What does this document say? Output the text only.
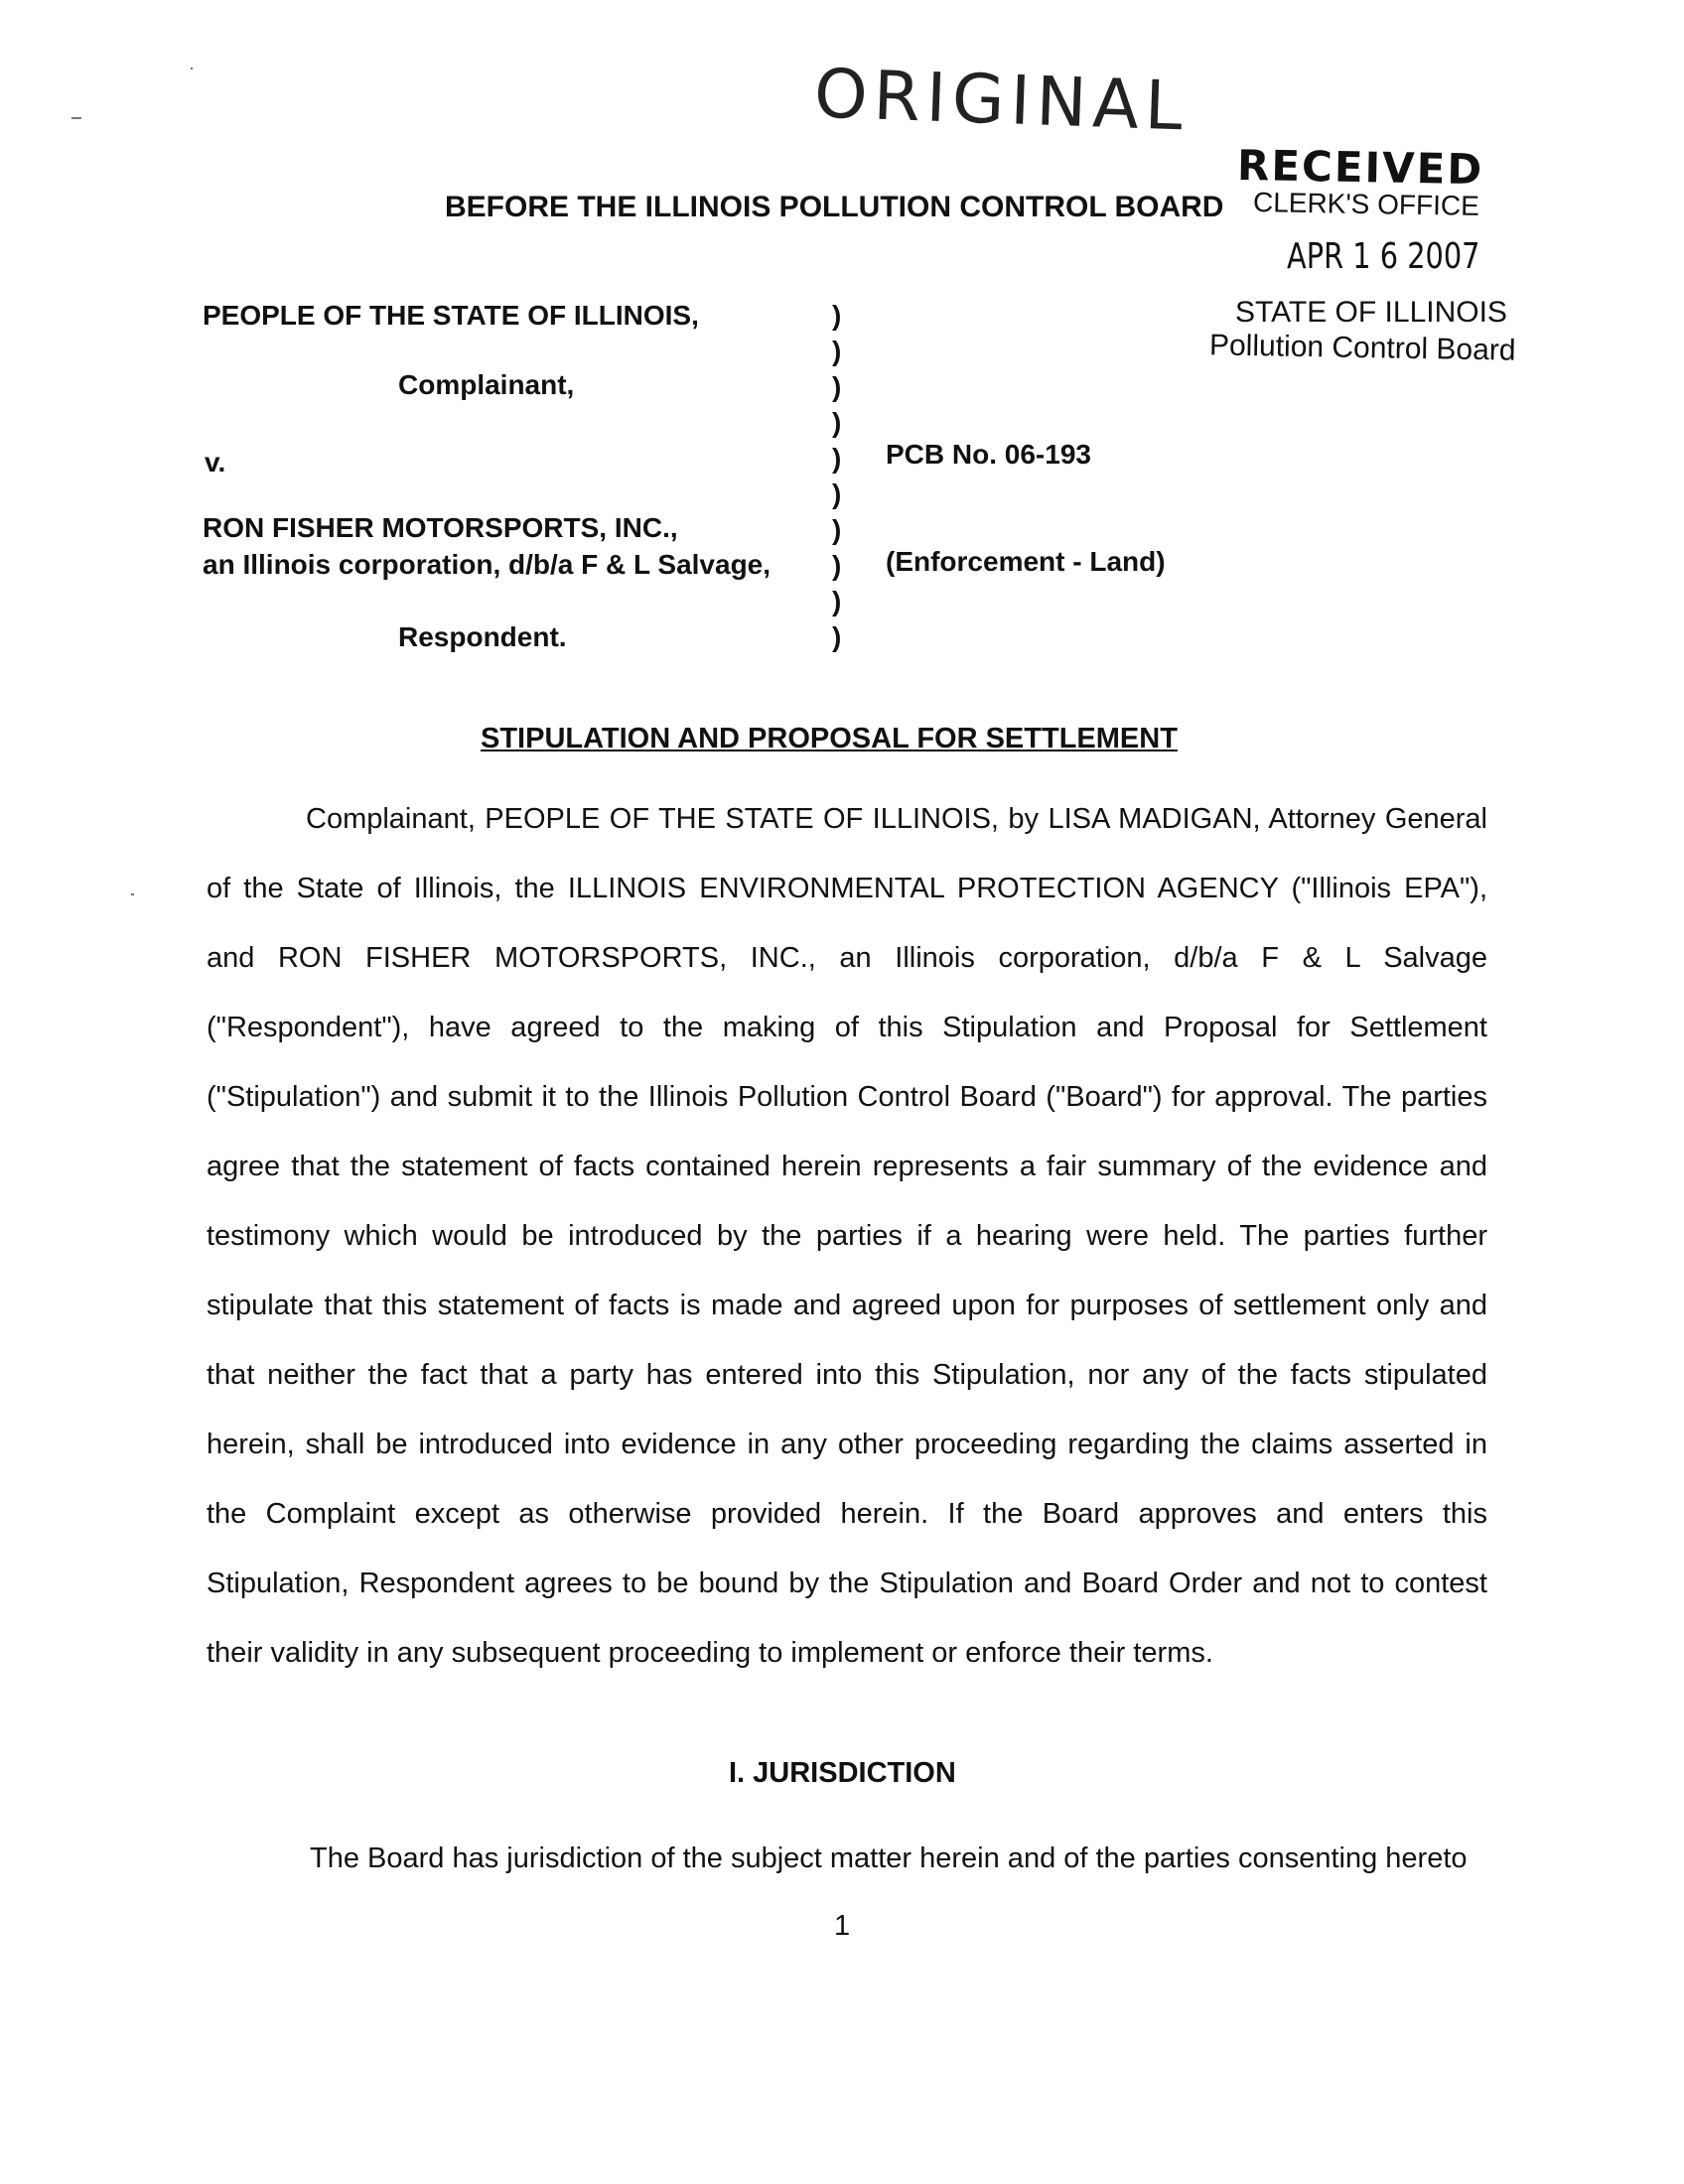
ORIGINAL
RECEIVED
CLERK'S OFFICE
APR 1 6 2007
STATE OF ILLINOIS
Pollution Control Board
BEFORE THE ILLINOIS POLLUTION CONTROL BOARD
PEOPLE OF THE STATE OF ILLINOIS,
Complainant,
v.
RON FISHER MOTORSPORTS, INC.,
an Illinois corporation, d/b/a F & L Salvage,
Respondent.
)
)
)
)
)
)
)
)
)
)
PCB No. 06-193
(Enforcement - Land)
STIPULATION AND PROPOSAL FOR SETTLEMENT

Complainant, PEOPLE OF THE STATE OF ILLINOIS, by LISA MADIGAN, Attorney General of the State of Illinois, the ILLINOIS ENVIRONMENTAL PROTECTION AGENCY ("Illinois EPA"), and RON FISHER MOTORSPORTS, INC., an Illinois corporation, d/b/a F & L Salvage ("Respondent"), have agreed to the making of this Stipulation and Proposal for Settlement ("Stipulation") and submit it to the Illinois Pollution Control Board ("Board") for approval. The parties agree that the statement of facts contained herein represents a fair summary of the evidence and testimony which would be introduced by the parties if a hearing were held. The parties further stipulate that this statement of facts is made and agreed upon for purposes of settlement only and that neither the fact that a party has entered into this Stipulation, nor any of the facts stipulated herein, shall be introduced into evidence in any other proceeding regarding the claims asserted in the Complaint except as otherwise provided herein. If the Board approves and enters this Stipulation, Respondent agrees to be bound by the Stipulation and Board Order and not to contest their validity in any subsequent proceeding to implement or enforce their terms.

I. JURISDICTION

The Board has jurisdiction of the subject matter herein and of the parties consenting hereto

1
